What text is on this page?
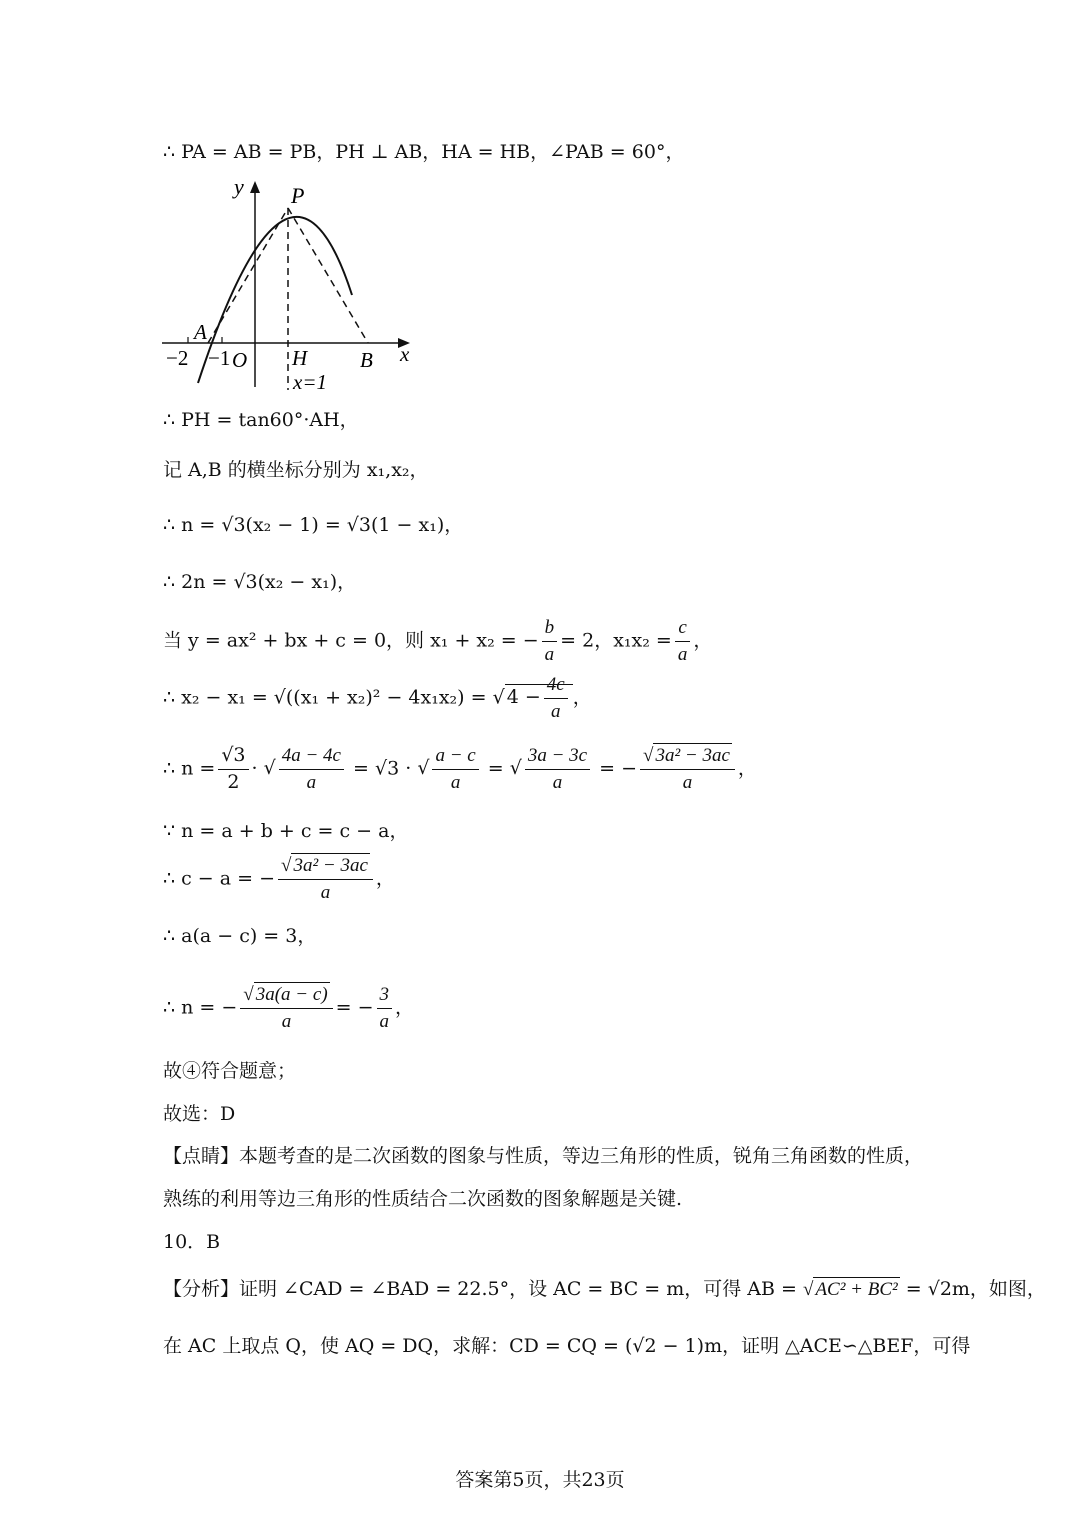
∴ PA = AB = PB，PH ⊥ AB，HA = HB，∠PAB = 60°，
y P
A
−2 −1 O H	B x
x=1
∴ PH = tan60°·AH，
记 A,B 的横坐标分别为 x₁,x₂，
∴ n = √3(x₂ − 1) = √3(1 − x₁)，
∴ 2n = √3(x₂ − x₁)，
当 y = ax² + bx + c = 0，则 x₁ + x₂ = − $\frac{b}{a} = 2$，$x_1x_2 = \frac{c}{a}$ ，
∴ x₂ − x₁ = √((x₁ + x₂)² − 4x₁x₂) = √ $4 - \frac{4c}{a}$ ，
∴ $n = \frac{√3}{2}$ · √ $\frac{4a - 4c}{a} = √3$ · √ $\frac{a - c}{a}$ = √ $\frac{3a - 3c}{a}$ = − $\frac{\text{√ 3a² − 3ac}}{a}$ ，
∵ n = a + b + c = c − a，
∴ c − a = − $\frac{\text{√ 3a² − 3ac}}{a}$ ，
∴ a(a − c) = 3，
∴ n = − $\frac{√ 3a(a - c)}{a}$ = − $\frac{3}{a}$ ，
故④符合题意；
故选：D
【点睛】本题考查的是二次函数的图象与性质，等边三角形的性质，锐角三角函数的性质，
熟练的利用等边三角形的性质结合二次函数的图象解题是关键.
10．B
【分析】证明 ∠CAD = ∠BAD = 22.5°，设 AC = BC = m，可得 AB = √ AC² + BC² = √2m，如图，
在 AC 上取点 Q，使 AQ = DQ，求解：CD = CQ = (√2 − 1)m，证明 △ACE∽△BEF，可得
答案第5页，共23页
